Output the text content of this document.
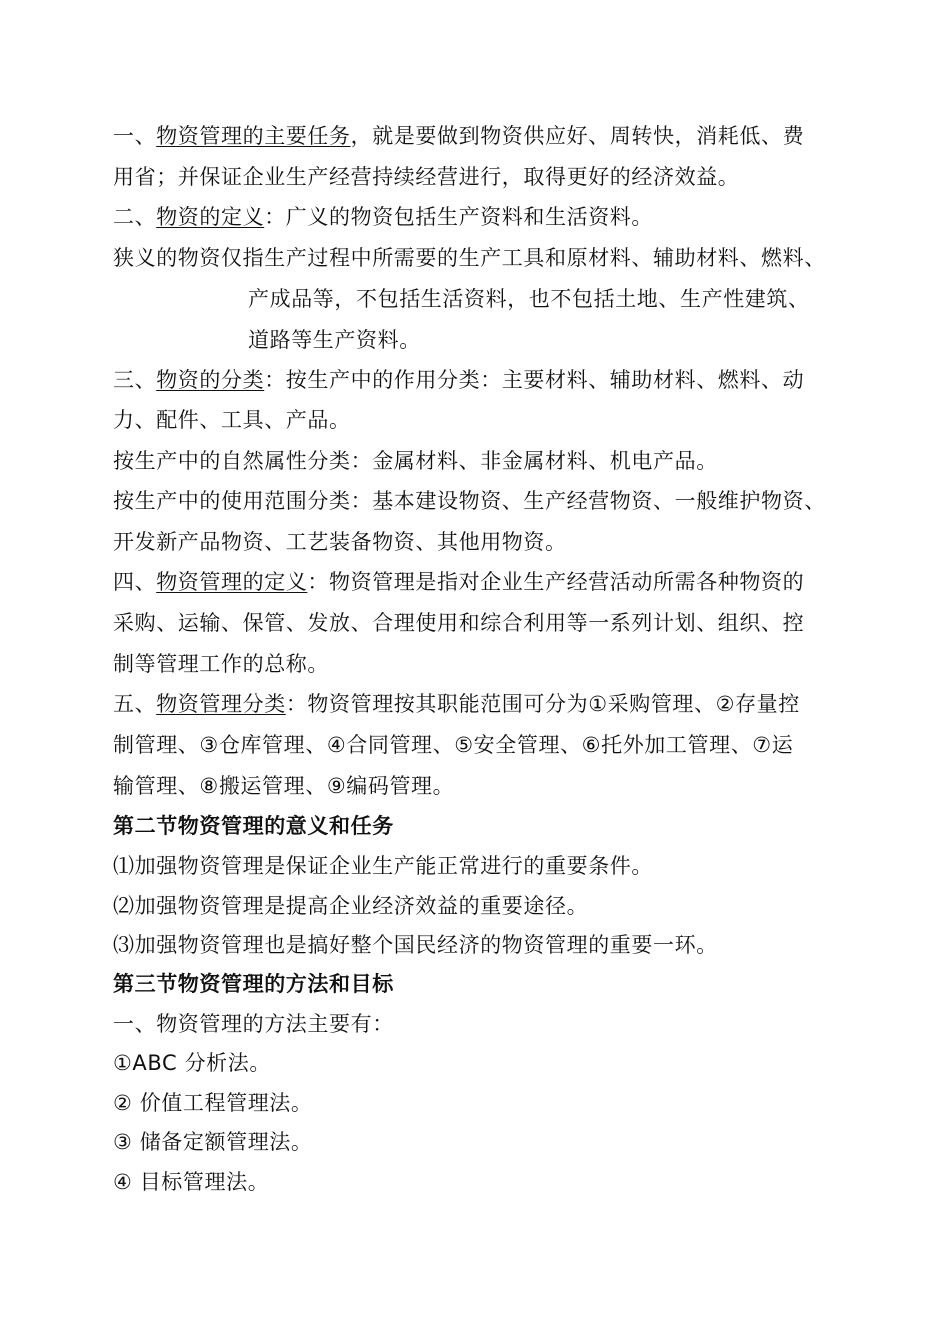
一、物资管理的主要任务，就是要做到物资供应好、周转快，消耗低、费
用省；并保证企业生产经营持续经营进行，取得更好的经济效益。
二、物资的定义：广义的物资包括生产资料和生活资料。
狭义的物资仅指生产过程中所需要的生产工具和原材料、辅助材料、燃料、
产成品等，不包括生活资料，也不包括土地、生产性建筑、
道路等生产资料。
三、物资的分类：按生产中的作用分类：主要材料、辅助材料、燃料、动
力、配件、工具、产品。
按生产中的自然属性分类：金属材料、非金属材料、机电产品。
按生产中的使用范围分类：基本建设物资、生产经营物资、一般维护物资、
开发新产品物资、工艺装备物资、其他用物资。
四、物资管理的定义：物资管理是指对企业生产经营活动所需各种物资的
采购、运输、保管、发放、合理使用和综合利用等一系列计划、组织、控
制等管理工作的总称。
五、物资管理分类：物资管理按其职能范围可分为①采购管理、②存量控
制管理、③仓库管理、④合同管理、⑤安全管理、⑥托外加工管理、⑦运
输管理、⑧搬运管理、⑨编码管理。
第二节物资管理的意义和任务
⑴加强物资管理是保证企业生产能正常进行的重要条件。
⑵加强物资管理是提高企业经济效益的重要途径。
⑶加强物资管理也是搞好整个国民经济的物资管理的重要一环。
第三节物资管理的方法和目标
一、物资管理的方法主要有：
①ABC 分析法。
② 价值工程管理法。
③ 储备定额管理法。
④ 目标管理法。
